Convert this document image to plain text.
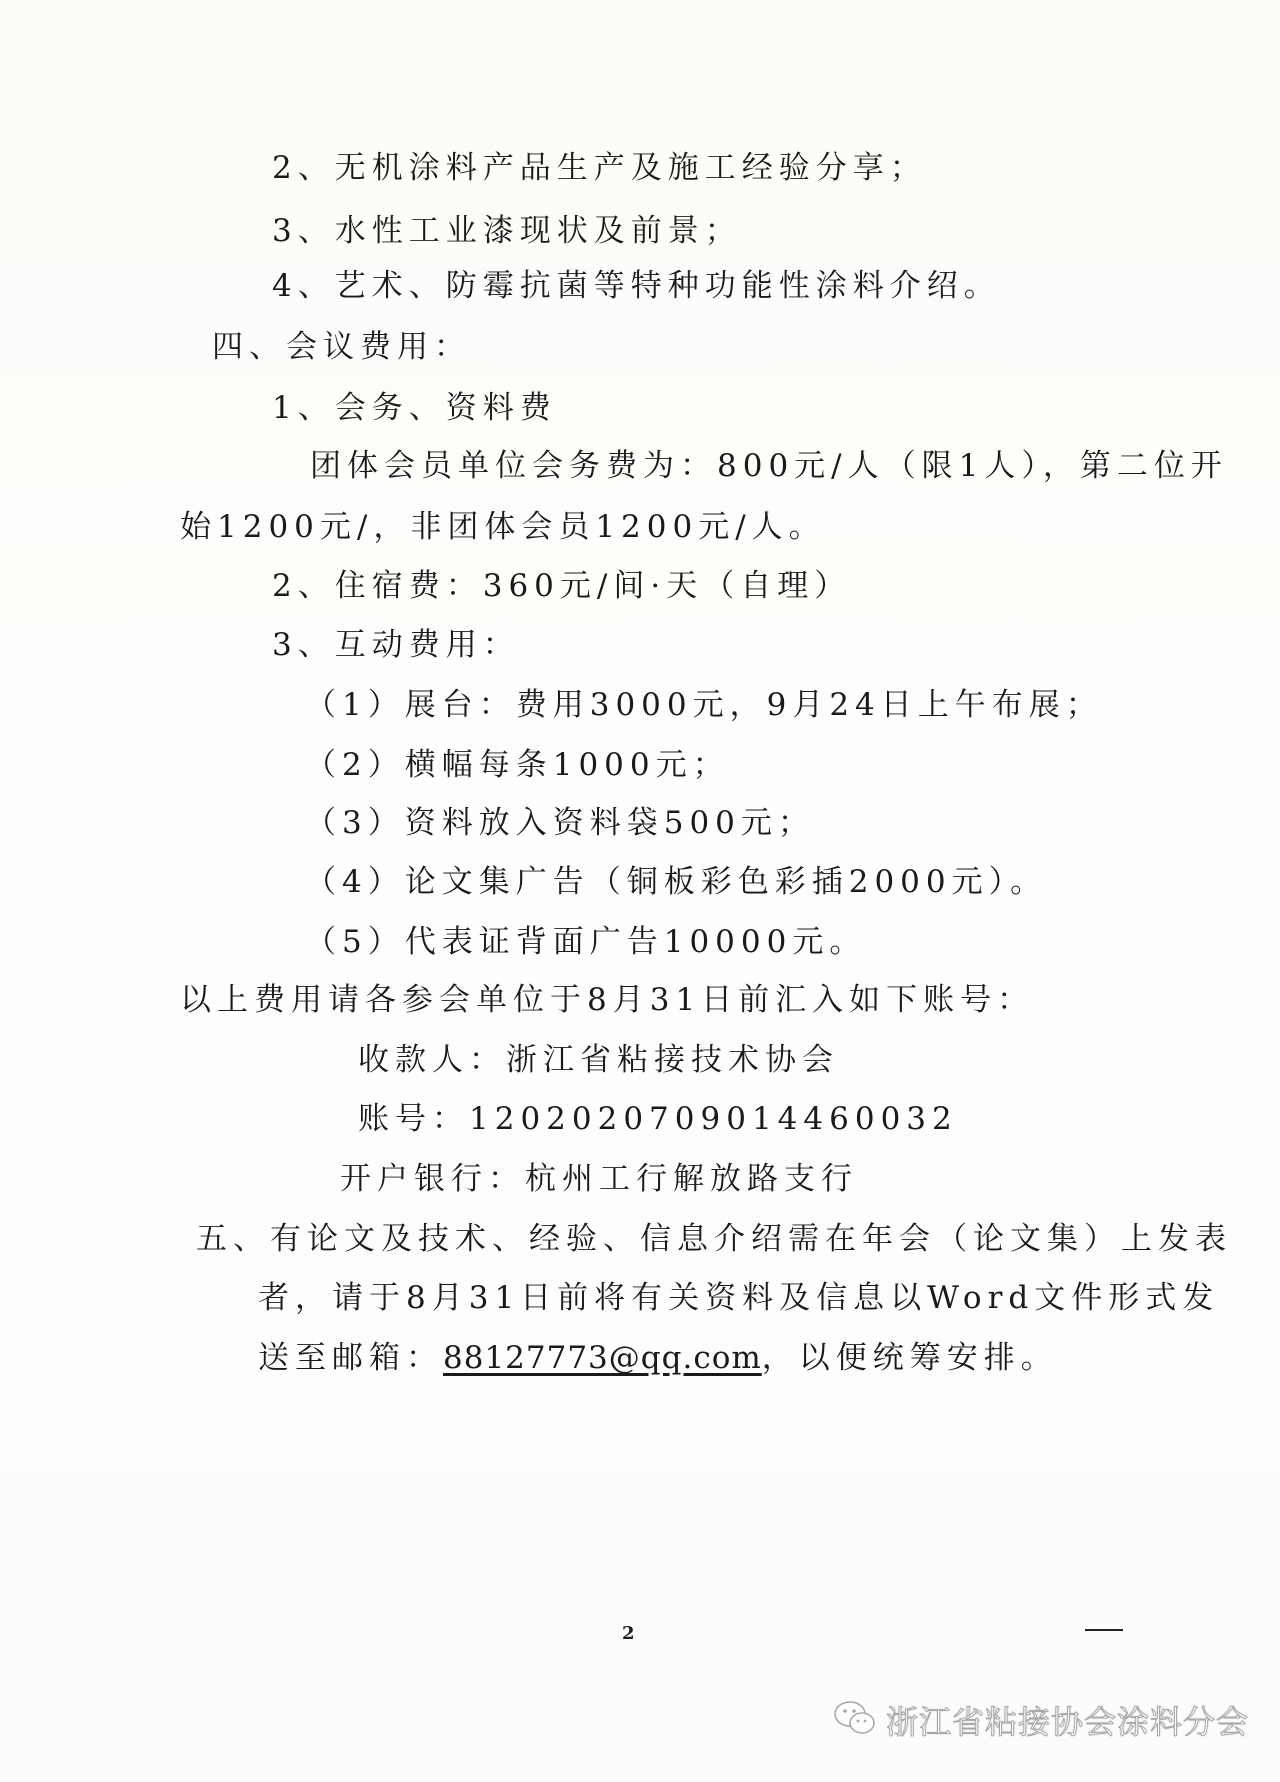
2、无机涂料产品生产及施工经验分享；
3、水性工业漆现状及前景；
4、艺术、防霉抗菌等特种功能性涂料介绍。
四、会议费用：
1、会务、资料费
团体会员单位会务费为：800元/人（限1人），第二位开
始1200元/，非团体会员1200元/人。
2、住宿费：360元/间·天（自理）
3、互动费用：
（1）展台：费用3000元，9月24日上午布展；
（2）横幅每条1000元；
（3）资料放入资料袋500元；
（4）论文集广告（铜板彩色彩插2000元）。
（5）代表证背面广告10000元。
以上费用请各参会单位于8月31日前汇入如下账号：
收款人：浙江省粘接技术协会
账号：1202020709014460032
开户银行：杭州工行解放路支行
五、有论文及技术、经验、信息介绍需在年会（论文集）上发表
者，请于8月31日前将有关资料及信息以Word文件形式发
送至邮箱：88127773@qq.com，以便统筹安排。
2
浙江省粘接协会涂料分会
